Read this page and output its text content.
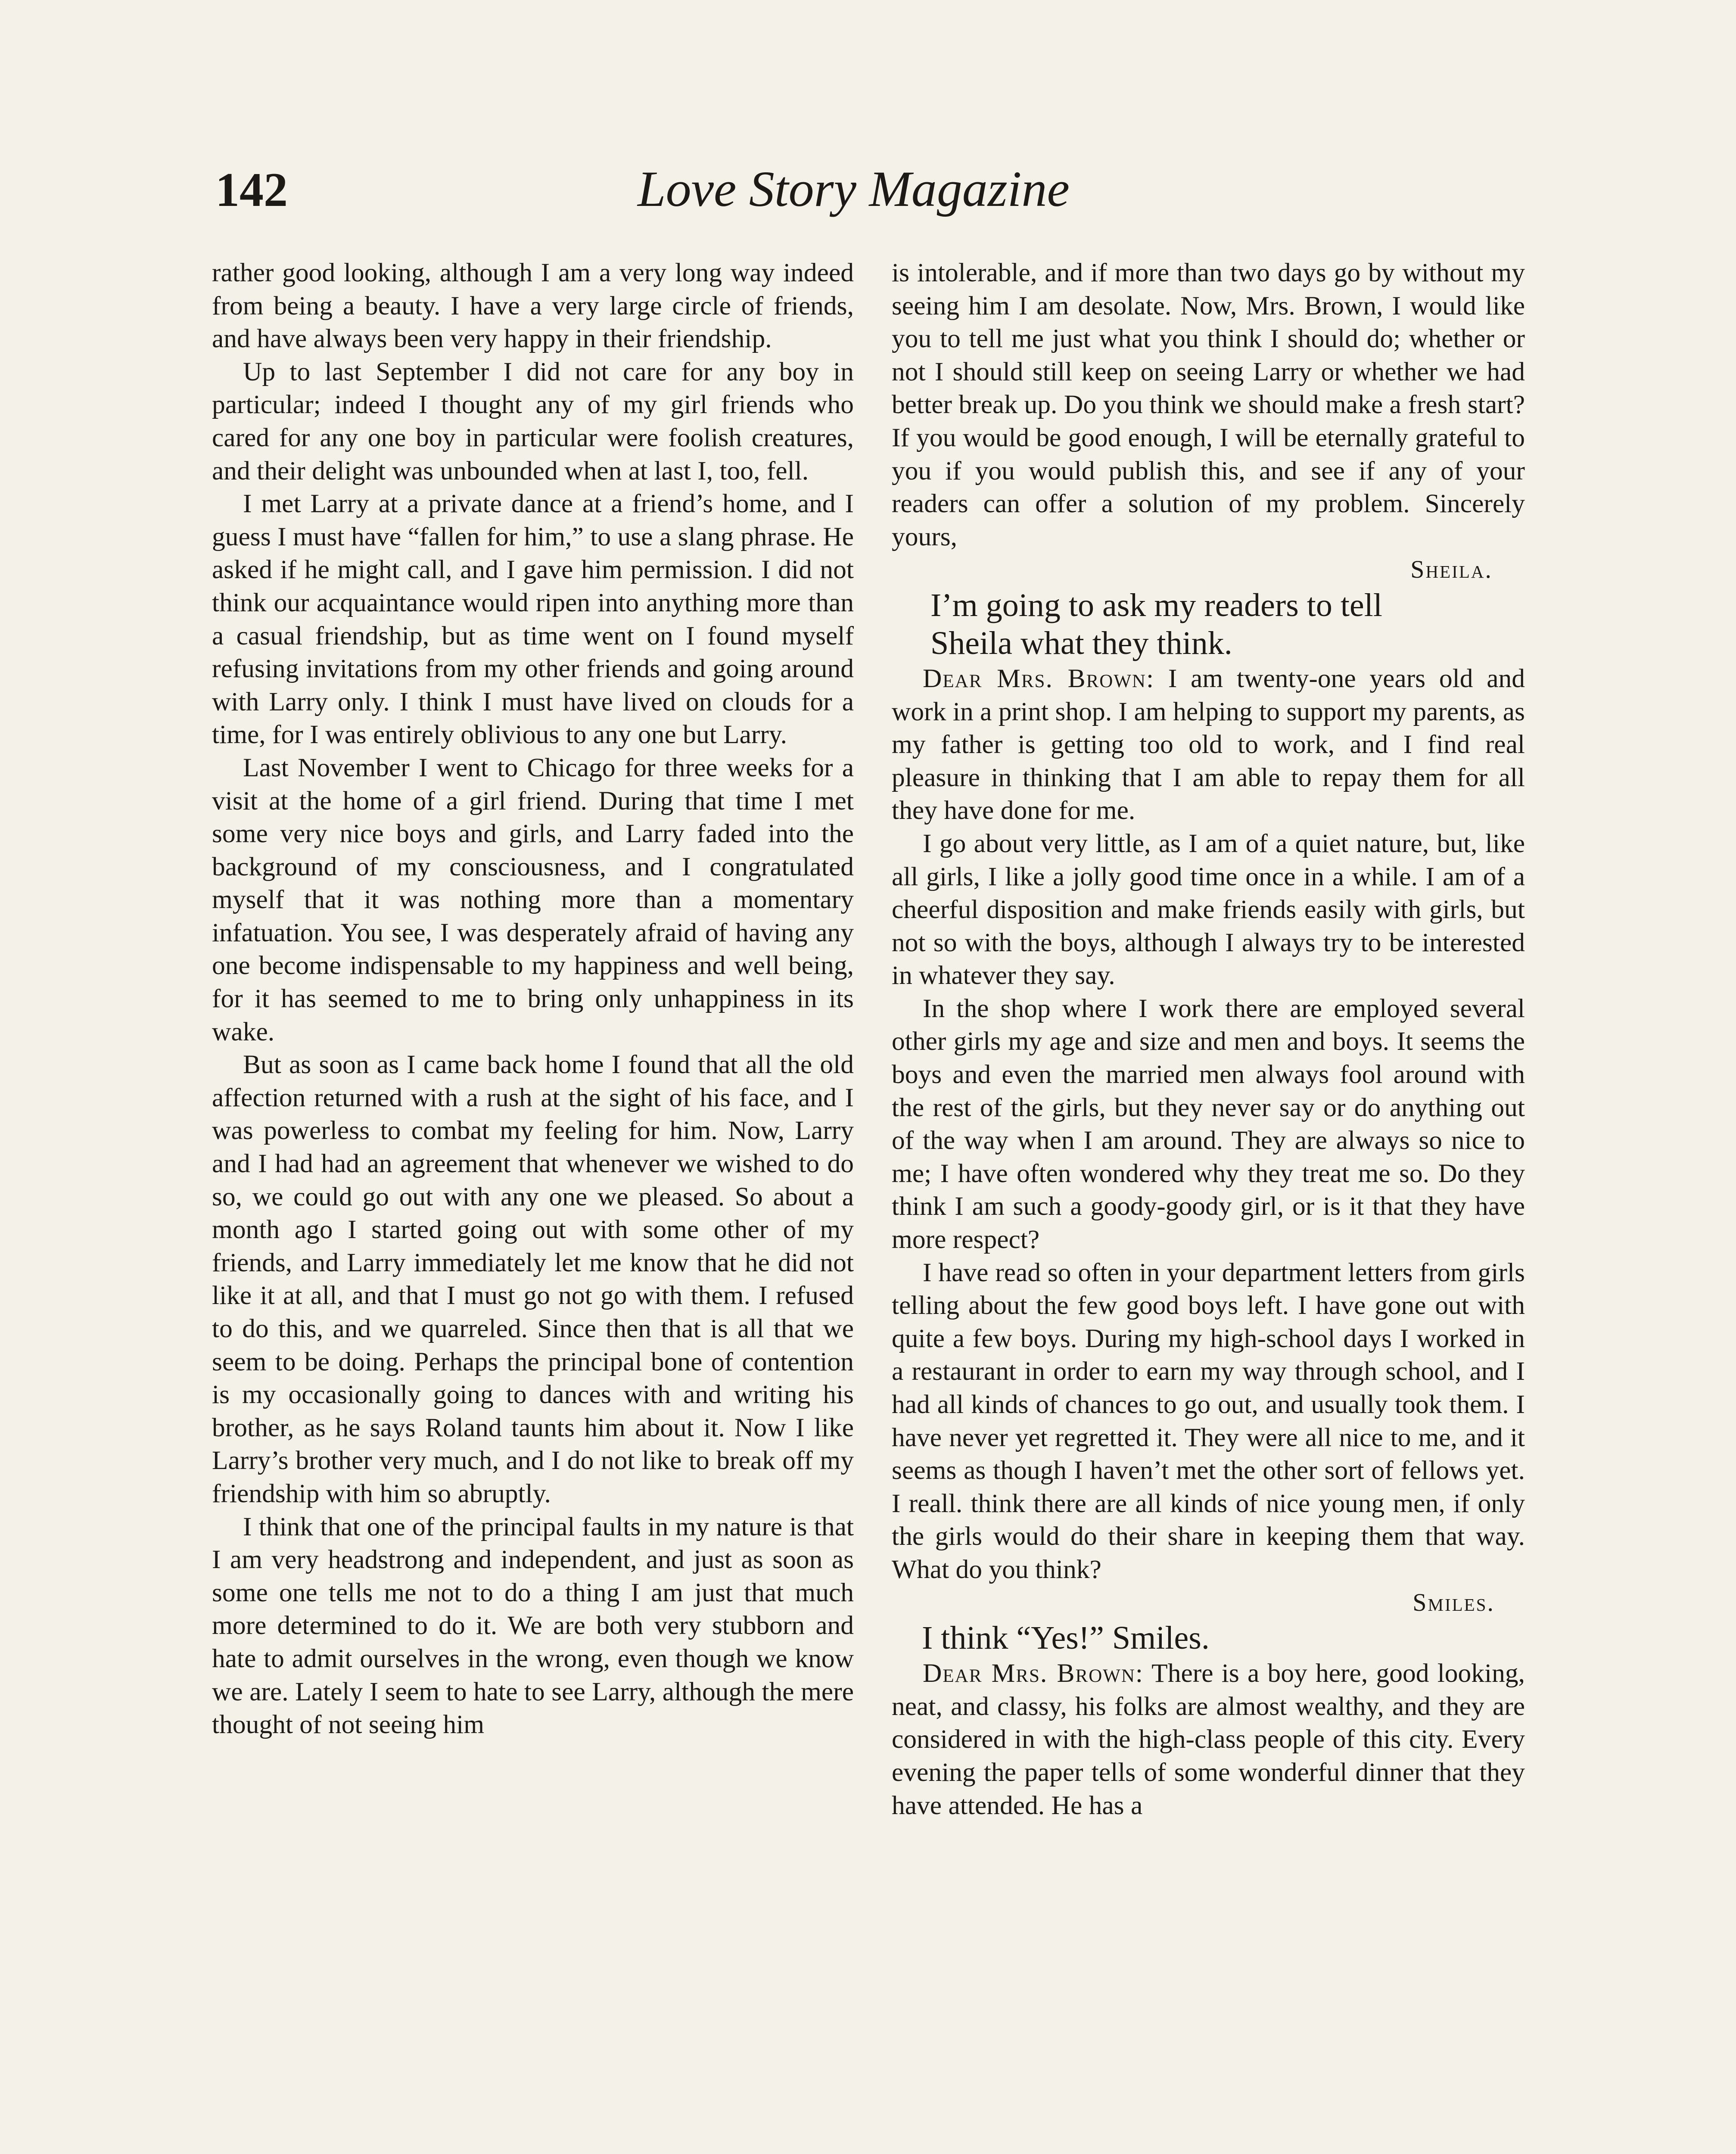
142	Love Story Magazine

rather good looking, although I am a very long way indeed from being a beauty. I have a very large circle of friends, and have always been very happy in their friendship.

Up to last September I did not care for any boy in particular; indeed I thought any of my girl friends who cared for any one boy in particular were foolish creatures, and their delight was unbounded when at last I, too, fell.

I met Larry at a private dance at a friend’s home, and I guess I must have “fallen for him,” to use a slang phrase. He asked if he might call, and I gave him permission. I did not think our acquaintance would ripen into anything more than a casual friendship, but as time went on I found myself refusing invitations from my other friends and going around with Larry only. I think I must have lived on clouds for a time, for I was entirely oblivious to any one but Larry.

Last November I went to Chicago for three weeks for a visit at the home of a girl friend. During that time I met some very nice boys and girls, and Larry faded into the background of my consciousness, and I congratulated myself that it was nothing more than a momentary infatuation. You see, I was desperately afraid of having any one become indispensable to my happiness and well being, for it has seemed to me to bring only unhappiness in its wake.

But as soon as I came back home I found that all the old affection returned with a rush at the sight of his face, and I was powerless to combat my feeling for him. Now, Larry and I had had an agreement that whenever we wished to do so, we could go out with any one we pleased. So about a month ago I started going out with some other of my friends, and Larry immediately let me know that he did not like it at all, and that I must go not go with them. I refused to do this, and we quarreled. Since then that is all that we seem to be doing. Perhaps the principal bone of contention is my occasionally going to dances with and writing his brother, as he says Roland taunts him about it. Now I like Larry’s brother very much, and I do not like to break off my friendship with him so abruptly.

I think that one of the principal faults in my nature is that I am very headstrong and independent, and just as soon as some one tells me not to do a thing I am just that much more determined to do it. We are both very stubborn and hate to admit ourselves in the wrong, even though we know we are. Lately I seem to hate to see Larry, although the mere thought of not seeing him

is intolerable, and if more than two days go by without my seeing him I am desolate. Now, Mrs. Brown, I would like you to tell me just what you think I should do; whether or not I should still keep on seeing Larry or whether we had better break up. Do you think we should make a fresh start? If you would be good enough, I will be eternally grateful to you if you would publish this, and see if any of your readers can offer a solution of my problem. Sincerely yours,

Sheila.

I’m going to ask my readers to tell Sheila what they think.

Dear Mrs. Brown: I am twenty-one years old and work in a print shop. I am helping to support my parents, as my father is getting too old to work, and I find real pleasure in thinking that I am able to repay them for all they have done for me.

I go about very little, as I am of a quiet nature, but, like all girls, I like a jolly good time once in a while. I am of a cheerful disposition and make friends easily with girls, but not so with the boys, although I always try to be interested in whatever they say.

In the shop where I work there are employed several other girls my age and size and men and boys. It seems the boys and even the married men always fool around with the rest of the girls, but they never say or do anything out of the way when I am around. They are always so nice to me; I have often wondered why they treat me so. Do they think I am such a goody-goody girl, or is it that they have more respect?

I have read so often in your department letters from girls telling about the few good boys left. I have gone out with quite a few boys. During my high-school days I worked in a restaurant in order to earn my way through school, and I had all kinds of chances to go out, and usually took them. I have never yet regretted it. They were all nice to me, and it seems as though I haven’t met the other sort of fellows yet. I reall. think there are all kinds of nice young men, if only the girls would do their share in keeping them that way. What do you think?

Smiles.

I think “Yes!” Smiles.

Dear Mrs. Brown: There is a boy here, good looking, neat, and classy, his folks are almost wealthy, and they are considered in with the high-class people of this city. Every evening the paper tells of some wonderful dinner that they have attended. He has a
